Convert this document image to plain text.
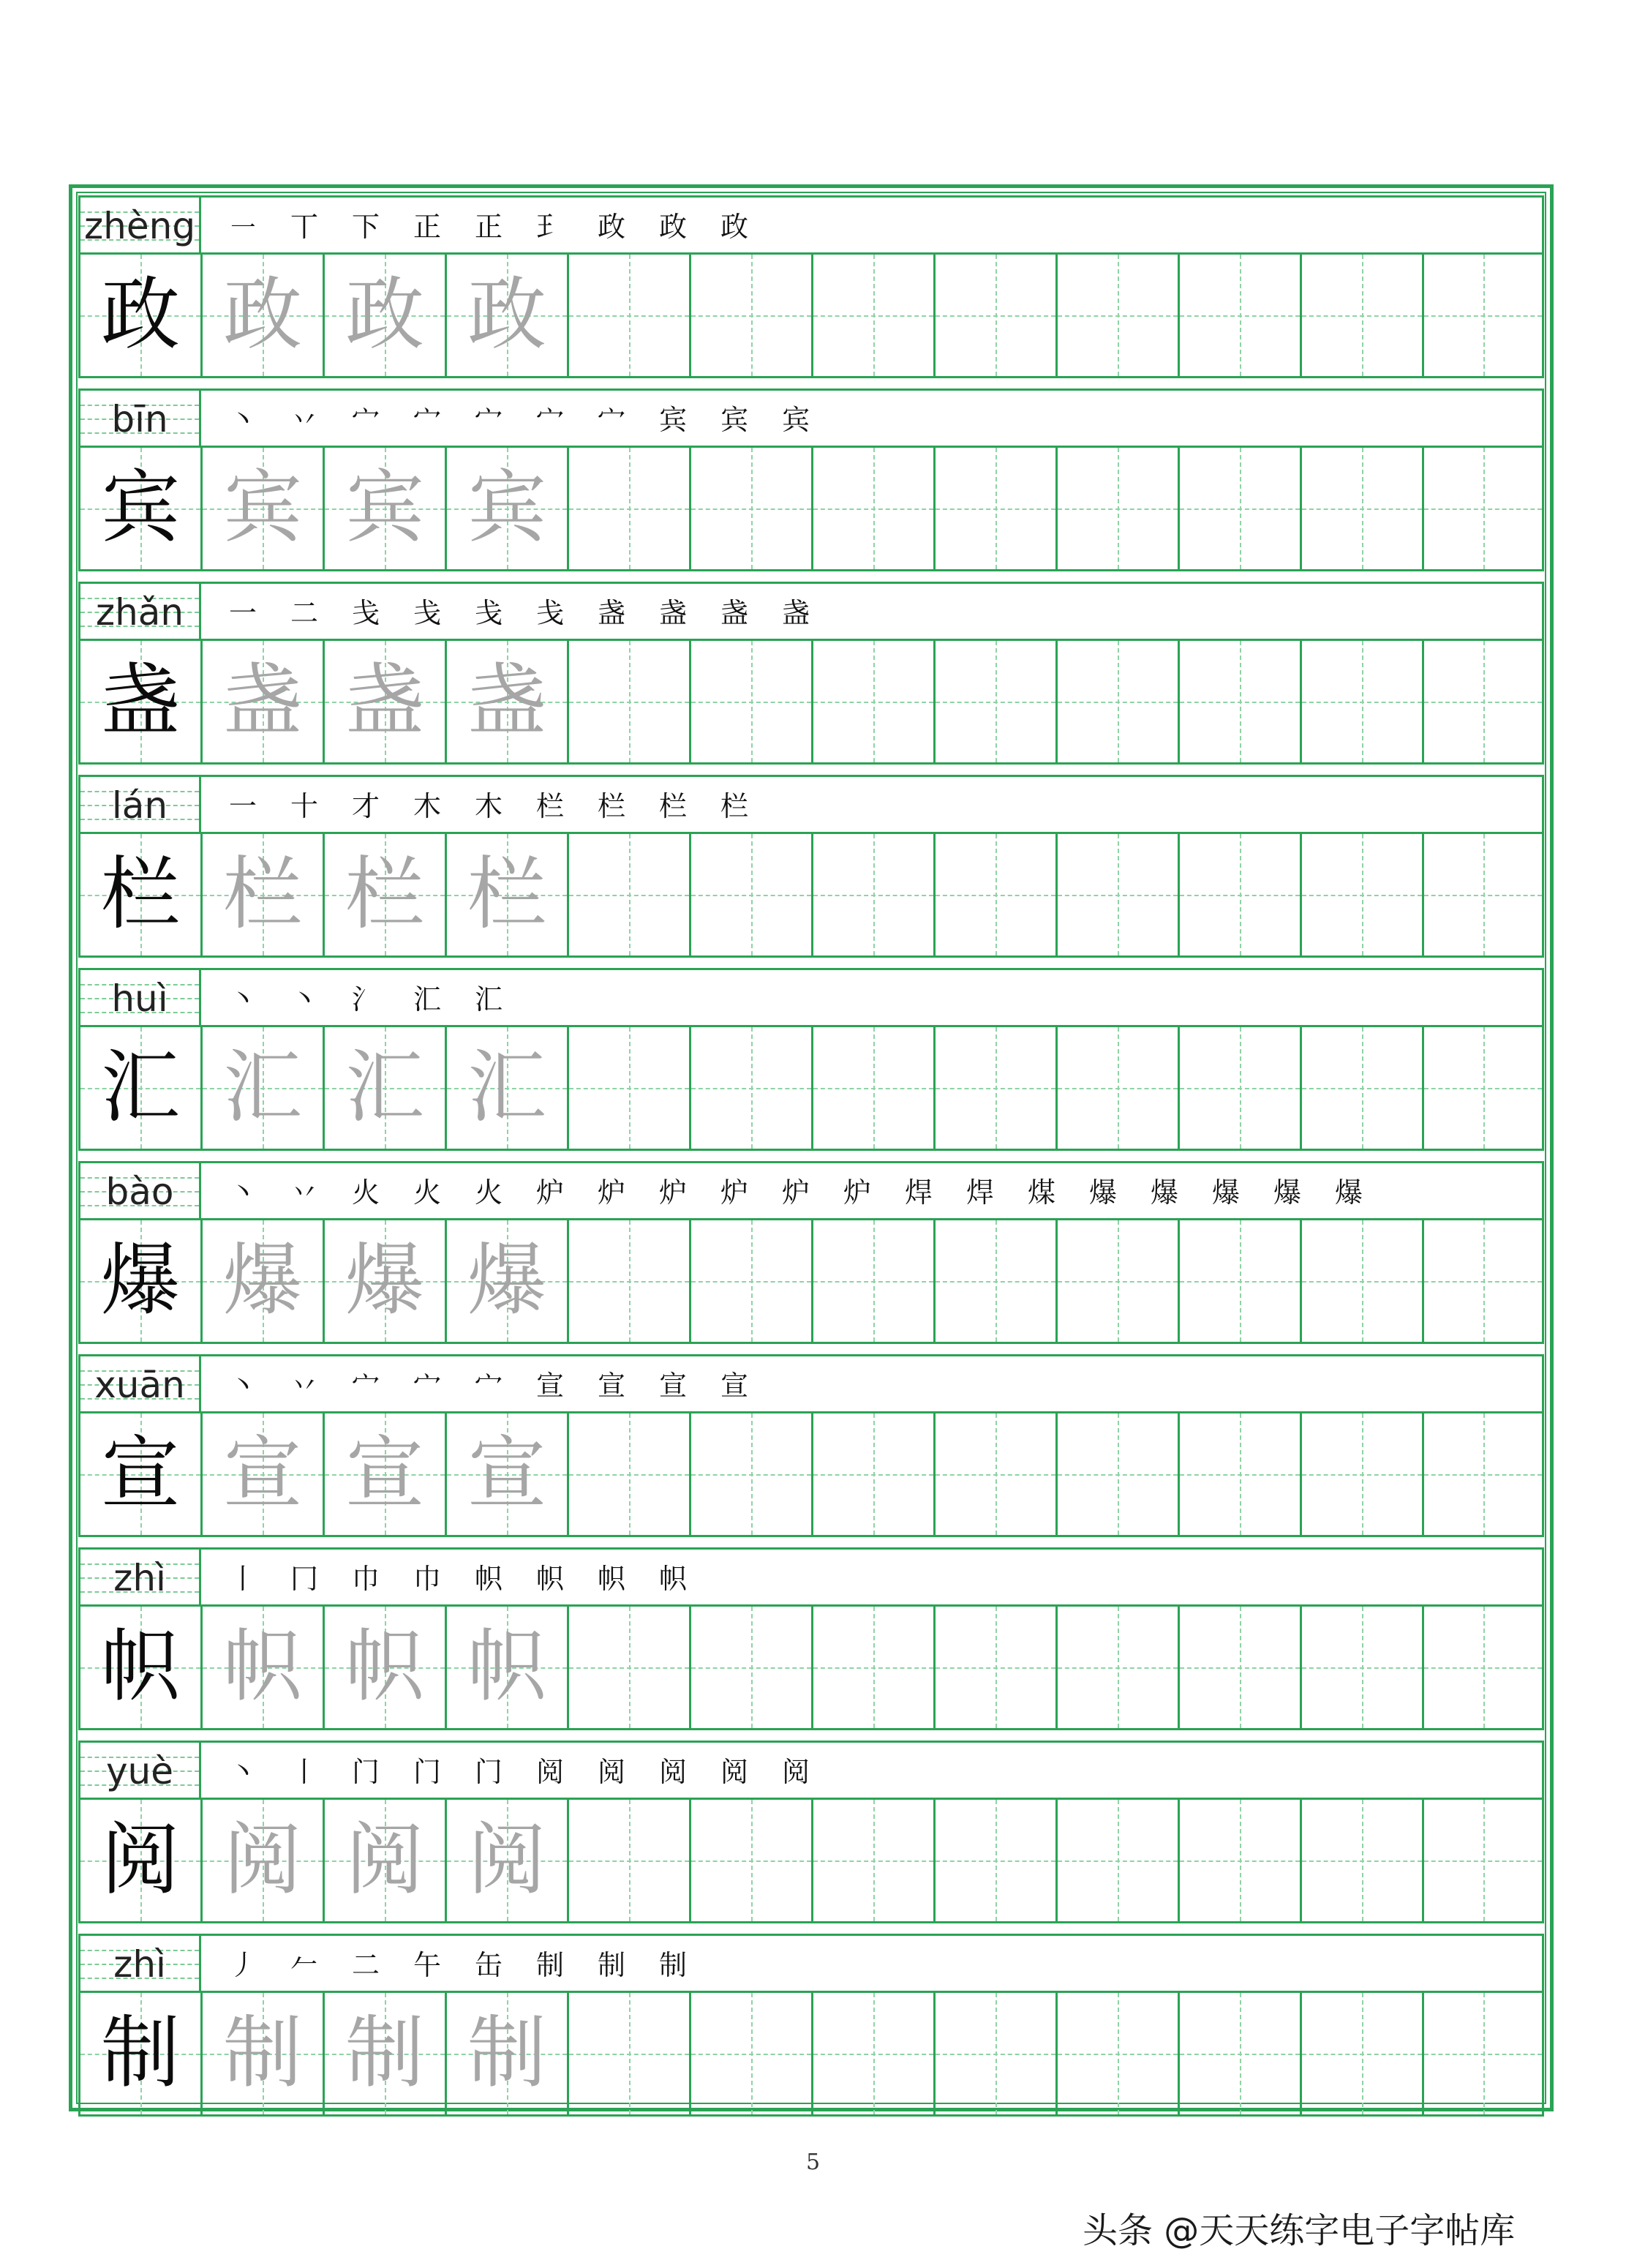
zhèng	㇐	丅	下	正	正	𤣩	政	政	政
政 政 政 政
bīn	丶	丷	宀	宀	宀	宀	宀	宾	宾	宾
宾 宾 宾 宾
zhǎn	一	二	戋	戋	戋	戋	盏	盏	盏	盏
盏 盏 盏 盏
lán	一	十	才	木	木	栏	栏	栏	栏
栏 栏 栏 栏
huì	丶	丶	氵	汇	汇
汇 汇 汇 汇
bào	丶	丷	火	火	火	炉	炉	炉	炉	炉	炉	焊	焊	煤	爆	爆	爆	爆	爆
爆 爆 爆 爆
xuān	丶	丷	宀	宀	宀	宣	宣	宣	宣
宣 宣 宣 宣
zhì	丨	冂	巾	巾	帜	帜	帜	帜
帜 帜 帜 帜
yuè	丶	丨	门	门	门	阅	阅	阅	阅	阅
阅 阅 阅 阅
zhì	丿	𠂉	二	午	缶	制	制	制
制 制 制 制
5
头条 @天天练字电子字帖库
